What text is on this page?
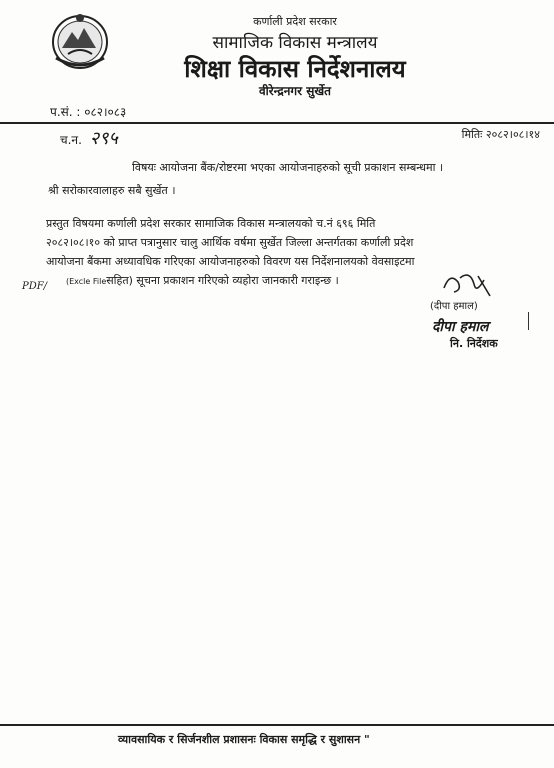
कर्णाली प्रदेश सरकार
सामाजिक विकास मन्त्रालय
शिक्षा विकास निर्देशनालय
वीरेन्द्रनगर सुर्खेत
प.सं. : ०८२।०८३
च.न. २९५	मितिः २०८२।०८।१४
विषयः आयोजना बैंक/रोष्टरमा भएका आयोजनाहरुको सूची प्रकाशन सम्बन्धमा ।
श्री सरोकारवालाहरु सबै सुर्खेत ।
प्रस्तुत विषयमा कर्णाली प्रदेश सरकार सामाजिक विकास मन्त्रालयको च.नं ६९६ मिति
२०८२।०८।१० को प्राप्त पत्रानुसार चालु आर्थिक वर्षमा सुर्खेत जिल्ला अन्तर्गतका कर्णाली प्रदेश
आयोजना बैंकमा अध्यावधिक गरिएका आयोजनाहरुको विवरण यस निर्देशनालयको वेवसाइटमा
(Excle Fileसहित) सूचना प्रकाशन गरिएको व्यहोरा जानकारी गराइन्छ ।
PDF/
(दीपा हमाल)
दीपा हमाल
नि. निर्देशक
व्यावसायिक र सिर्जनशील प्रशासनः विकास समृद्धि र सुशासन "
